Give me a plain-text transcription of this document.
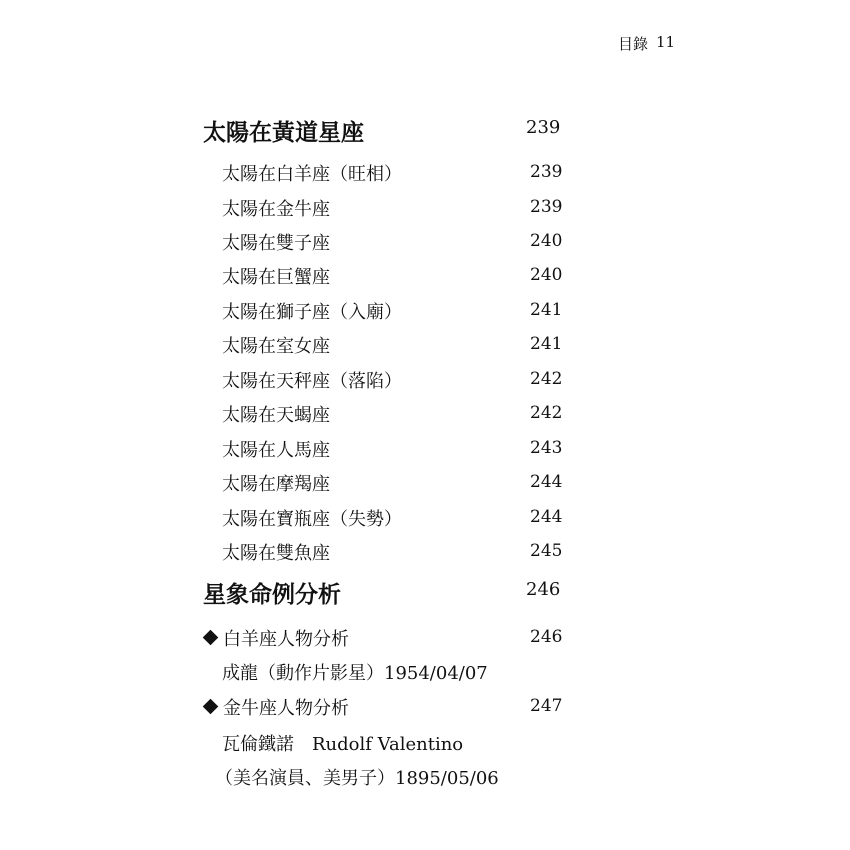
目錄 11
太陽在黃道星座	239
太陽在白羊座（旺相）	239
太陽在金牛座	239
太陽在雙子座	240
太陽在巨蟹座	240
太陽在獅子座（入廟）	241
太陽在室女座	241
太陽在天秤座（落陷）	242
太陽在天蝎座	242
太陽在人馬座	243
太陽在摩羯座	244
太陽在寶瓶座（失勢）	244
太陽在雙魚座	245
星象命例分析	246
白羊座人物分析	246
成龍（動作片影星）1954/04/07
金牛座人物分析	247
瓦倫鐵諾　Rudolf Valentino
（美名演員、美男子）1895/05/06
